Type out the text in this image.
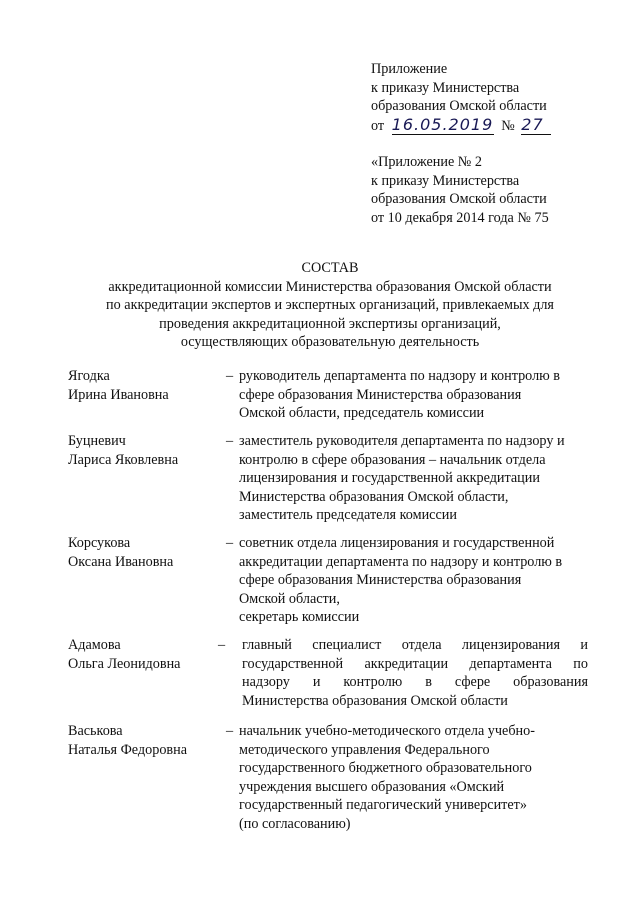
Приложение
к приказу Министерства
образования Омской области
от 16.05.2019 № 27
«Приложение № 2
к приказу Министерства
образования Омской области
от 10 декабря 2014 года № 75
СОСТАВ
аккредитационной комиссии Министерства образования Омской области
по аккредитации экспертов и экспертных организаций, привлекаемых для
проведения аккредитационной экспертизы организаций,
осуществляющих образовательную деятельность
Ягодка
Ирина Ивановна
– руководитель департамента по надзору и контролю в
сфере образования Министерства образования
Омской области, председатель комиссии
Буцневич
Лариса Яковлевна
– заместитель руководителя департамента по надзору и
контролю в сфере образования – начальник отдела
лицензирования и государственной аккредитации
Министерства образования Омской области,
заместитель председателя комиссии
Корсукова
Оксана Ивановна
– советник отдела лицензирования и государственной
аккредитации департамента по надзору и контролю в
сфере образования Министерства образования
Омской области,
секретарь комиссии
Адамова
Ольга Леонидовна
– главный специалист отдела лицензирования и
государственной аккредитации департамента по
надзору и контролю в сфере образования
Министерства образования Омской области
Васькова
Наталья Федоровна
– начальник учебно-методического отдела учебно-
методического управления Федерального
государственного бюджетного образовательного
учреждения высшего образования «Омский
государственный педагогический университет»
(по согласованию)
